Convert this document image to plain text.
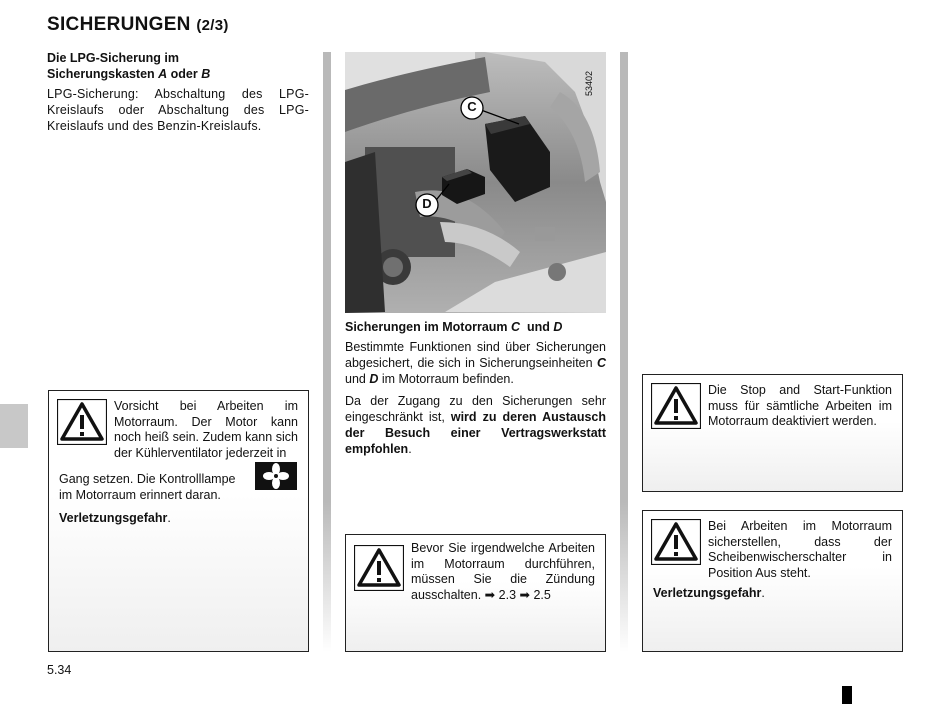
SICHERUNGEN (2/3)
Die LPG-Sicherung im
Sicherungskasten A oder B
LPG-Sicherung: Abschaltung des LPG-Kreislaufs oder Abschaltung des LPG-Kreislaufs und des Benzin-Kreislaufs.
C
D
53402
Sicherungen im Motorraum C  und D
Bestimmte Funktionen sind über Sicherungen abgesichert, die sich in Sicherungseinheiten C und D im Motorraum befinden.
Da der Zugang zu den Sicherungen sehr eingeschränkt ist, wird zu deren Austausch der Besuch einer Vertragswerkstatt empfohlen.
Vorsicht bei Arbeiten im Motorraum. Der Motor kann noch heiß sein. Zudem kann sich der Kühlerventilator jederzeit in
Gang setzen. Die Kontrolllampe im Motorraum erinnert daran.
Verletzungsgefahr.
Bevor Sie irgendwelche Arbeiten im Motorraum durchführen, müssen Sie die Zündung ausschalten. ➡ 2.3 ➡ 2.5
Die Stop and Start-Funktion muss für sämtliche Arbeiten im Motorraum deaktiviert werden.
Bei Arbeiten im Motorraum sicherstellen, dass der Scheibenwischerschalter in Position Aus steht.
Verletzungsgefahr.
5.34
